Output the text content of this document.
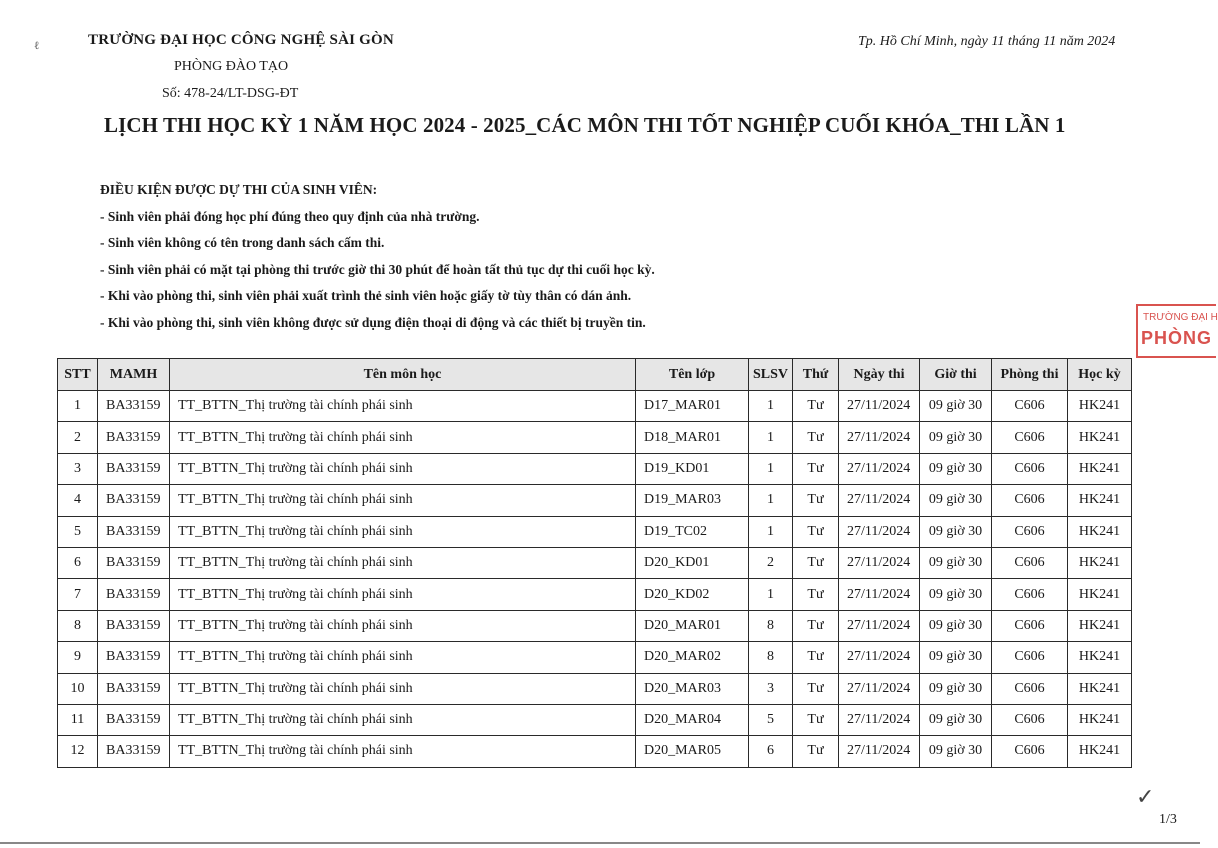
ℓ	TRƯỜNG ĐẠI HỌC CÔNG NGHỆ SÀI GÒN
PHÒNG ĐÀO TẠO
Số: 478-24/LT-DSG-ĐT
Tp. Hồ Chí Minh, ngày 11 tháng 11 năm 2024
LỊCH THI HỌC KỲ 1 NĂM HỌC 2024 - 2025_CÁC MÔN THI TỐT NGHIỆP CUỐI KHÓA_THI LẦN 1
ĐIỀU KIỆN ĐƯỢC DỰ THI CỦA SINH VIÊN:
- Sinh viên phải đóng học phí đúng theo quy định của nhà trường.
- Sinh viên không có tên trong danh sách cấm thi.
- Sinh viên phải có mặt tại phòng thi trước giờ thi 30 phút để hoàn tất thủ tục dự thi cuối học kỳ.
- Khi vào phòng thi, sinh viên phải xuất trình thẻ sinh viên hoặc giấy tờ tùy thân có dán ảnh.
- Khi vào phòng thi, sinh viên không được sử dụng điện thoại di động và các thiết bị truyền tin.	TRƯỜNG ĐẠI H
PHÒNG
STT	MAMH	Tên môn học	Tên lớp	SLSV	Thứ	Ngày thi	Giờ thi	Phòng thi	Học kỳ
1	BA33159	TT_BTTN_Thị trường tài chính phái sinh	D17_MAR01	1	Tư	27/11/2024	09 giờ 30	C606	HK241
2	BA33159	TT_BTTN_Thị trường tài chính phái sinh	D18_MAR01	1	Tư	27/11/2024	09 giờ 30	C606	HK241
3	BA33159	TT_BTTN_Thị trường tài chính phái sinh	D19_KD01	1	Tư	27/11/2024	09 giờ 30	C606	HK241
4	BA33159	TT_BTTN_Thị trường tài chính phái sinh	D19_MAR03	1	Tư	27/11/2024	09 giờ 30	C606	HK241
5	BA33159	TT_BTTN_Thị trường tài chính phái sinh	D19_TC02	1	Tư	27/11/2024	09 giờ 30	C606	HK241
6	BA33159	TT_BTTN_Thị trường tài chính phái sinh	D20_KD01	2	Tư	27/11/2024	09 giờ 30	C606	HK241
7	BA33159	TT_BTTN_Thị trường tài chính phái sinh	D20_KD02	1	Tư	27/11/2024	09 giờ 30	C606	HK241
8	BA33159	TT_BTTN_Thị trường tài chính phái sinh	D20_MAR01	8	Tư	27/11/2024	09 giờ 30	C606	HK241
9	BA33159	TT_BTTN_Thị trường tài chính phái sinh	D20_MAR02	8	Tư	27/11/2024	09 giờ 30	C606	HK241
10	BA33159	TT_BTTN_Thị trường tài chính phái sinh	D20_MAR03	3	Tư	27/11/2024	09 giờ 30	C606	HK241
11	BA33159	TT_BTTN_Thị trường tài chính phái sinh	D20_MAR04	5	Tư	27/11/2024	09 giờ 30	C606	HK241
12	BA33159	TT_BTTN_Thị trường tài chính phái sinh	D20_MAR05	6	Tư	27/11/2024	09 giờ 30	C606	HK241
✓
1/3
